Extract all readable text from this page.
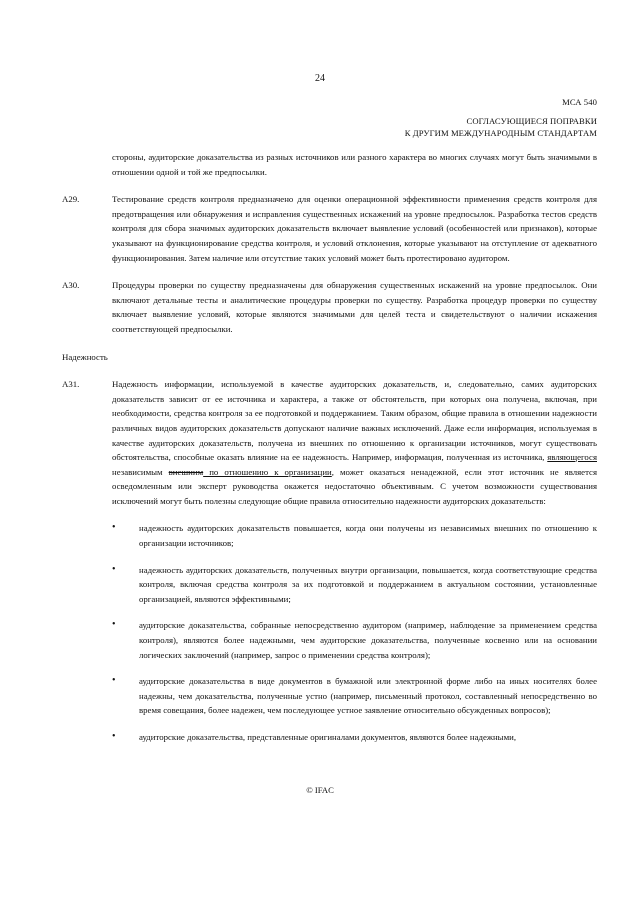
24
МСА 540
СОГЛАСУЮЩИЕСЯ ПОПРАВКИ
К ДРУГИМ МЕЖДУНАРОДНЫМ СТАНДАРТАМ

стороны, аудиторские доказательства из разных источников или разного характера во многих случаях могут быть значимыми в отношении одной и той же предпосылки.

A29.	Тестирование средств контроля предназначено для оценки операционной эффективности применения средств контроля для предотвращения или обнаружения и исправления существенных искажений на уровне предпосылок. Разработка тестов средств контроля для сбора значимых аудиторских доказательств включает выявление условий (особенностей или признаков), которые указывают на функционирование средства контроля, и условий отклонения, которые указывают на отступление от адекватного функционирования. Затем наличие или отсутствие таких условий может быть протестировано аудитором.
A30.	Процедуры проверки по существу предназначены для обнаружения существенных искажений на уровне предпосылок. Они включают детальные тесты и аналитические процедуры проверки по существу. Разработка процедур проверки по существу включает выявление условий, которые являются значимыми для целей теста и свидетельствуют о наличии искажения соответствующей предпосылки.

Надежность

A31.	Надежность информации, используемой в качестве аудиторских доказательств, и, следовательно, самих аудиторских доказательств зависит от ее источника и характера, а также от обстоятельств, при которых она получена, включая, при необходимости, средства контроля за ее подготовкой и поддержанием. Таким образом, общие правила в отношении надежности различных видов аудиторских доказательств допускают наличие важных исключений. Даже если информация, используемая в качестве аудиторских доказательств, получена из внешних по отношению к организации источников, могут существовать обстоятельства, способные оказать влияние на ее надежность. Например, информация, полученная из источника, являющегося независимым внешним по отношению к организации, может оказаться ненадежной, если этот источник не является осведомленным или эксперт руководства окажется недостаточно объективным. С учетом возможности существования исключений могут быть полезны следующие общие правила относительно надежности аудиторских доказательств:
•	надежность аудиторских доказательств повышается, когда они получены из независимых внешних по отношению к организации источников;
•	надежность аудиторских доказательств, полученных внутри организации, повышается, когда соответствующие средства контроля, включая средства контроля за их подготовкой и поддержанием в актуальном состоянии, установленные организацией, являются эффективными;
•	аудиторские доказательства, собранные непосредственно аудитором (например, наблюдение за применением средства контроля), являются более надежными, чем аудиторские доказательства, полученные косвенно или на основании логических заключений (например, запрос о применении средства контроля);
•	аудиторские доказательства в виде документов в бумажной или электронной форме либо на иных носителях более надежны, чем доказательства, полученные устно (например, письменный протокол, составленный непосредственно во время совещания, более надежен, чем последующее устное заявление относительно обсужденных вопросов);
•	аудиторские доказательства, представленные оригиналами документов, являются более надежными,
© IFAC
